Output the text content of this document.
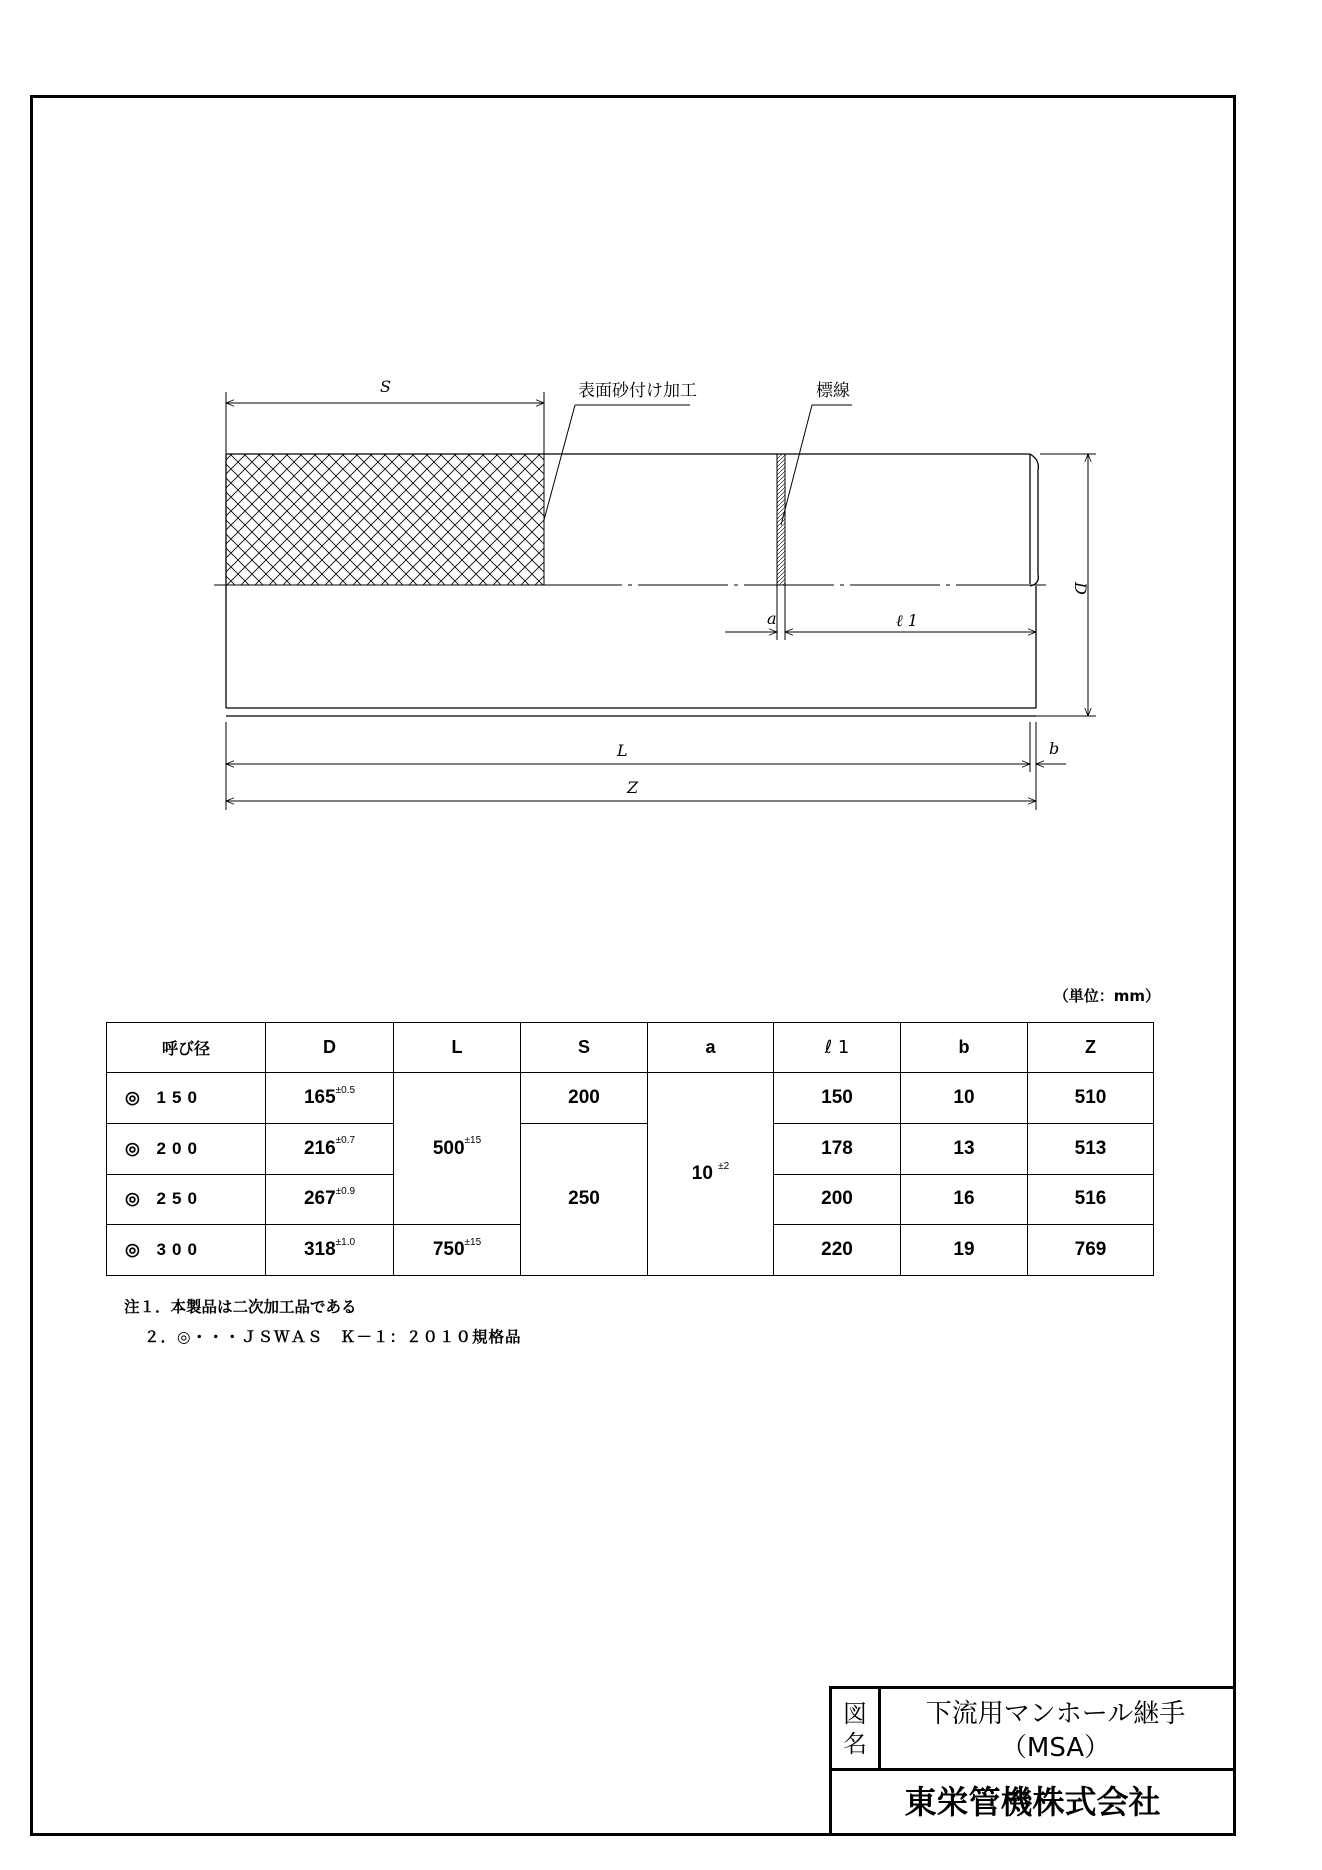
S	表面砂付け加工	標線
D
a	ℓ 1
L	b
Z
（単位：mm）
呼び径	D	L	S	a	ℓ 1	b	Z
◎ 150	$165^{\pm 0.5}$	$500^{\pm 15}$	200	10 $^{\pm 2}$	150	10	510
◎ 200	$216^{\pm 0.7}$		250		178	13	513
◎ 250	$267^{\pm 0.9}$				200	16	516
◎ 300	$318^{\pm 1.0}$	$750^{\pm 15}$			220	19	769
注１．本製品は二次加工品である
２．◎・・・ＪＳＷＡＳ　Ｋ－１：２０１０規格品
図
名
下流用マンホール継手
（MSA）
東栄管機株式会社
